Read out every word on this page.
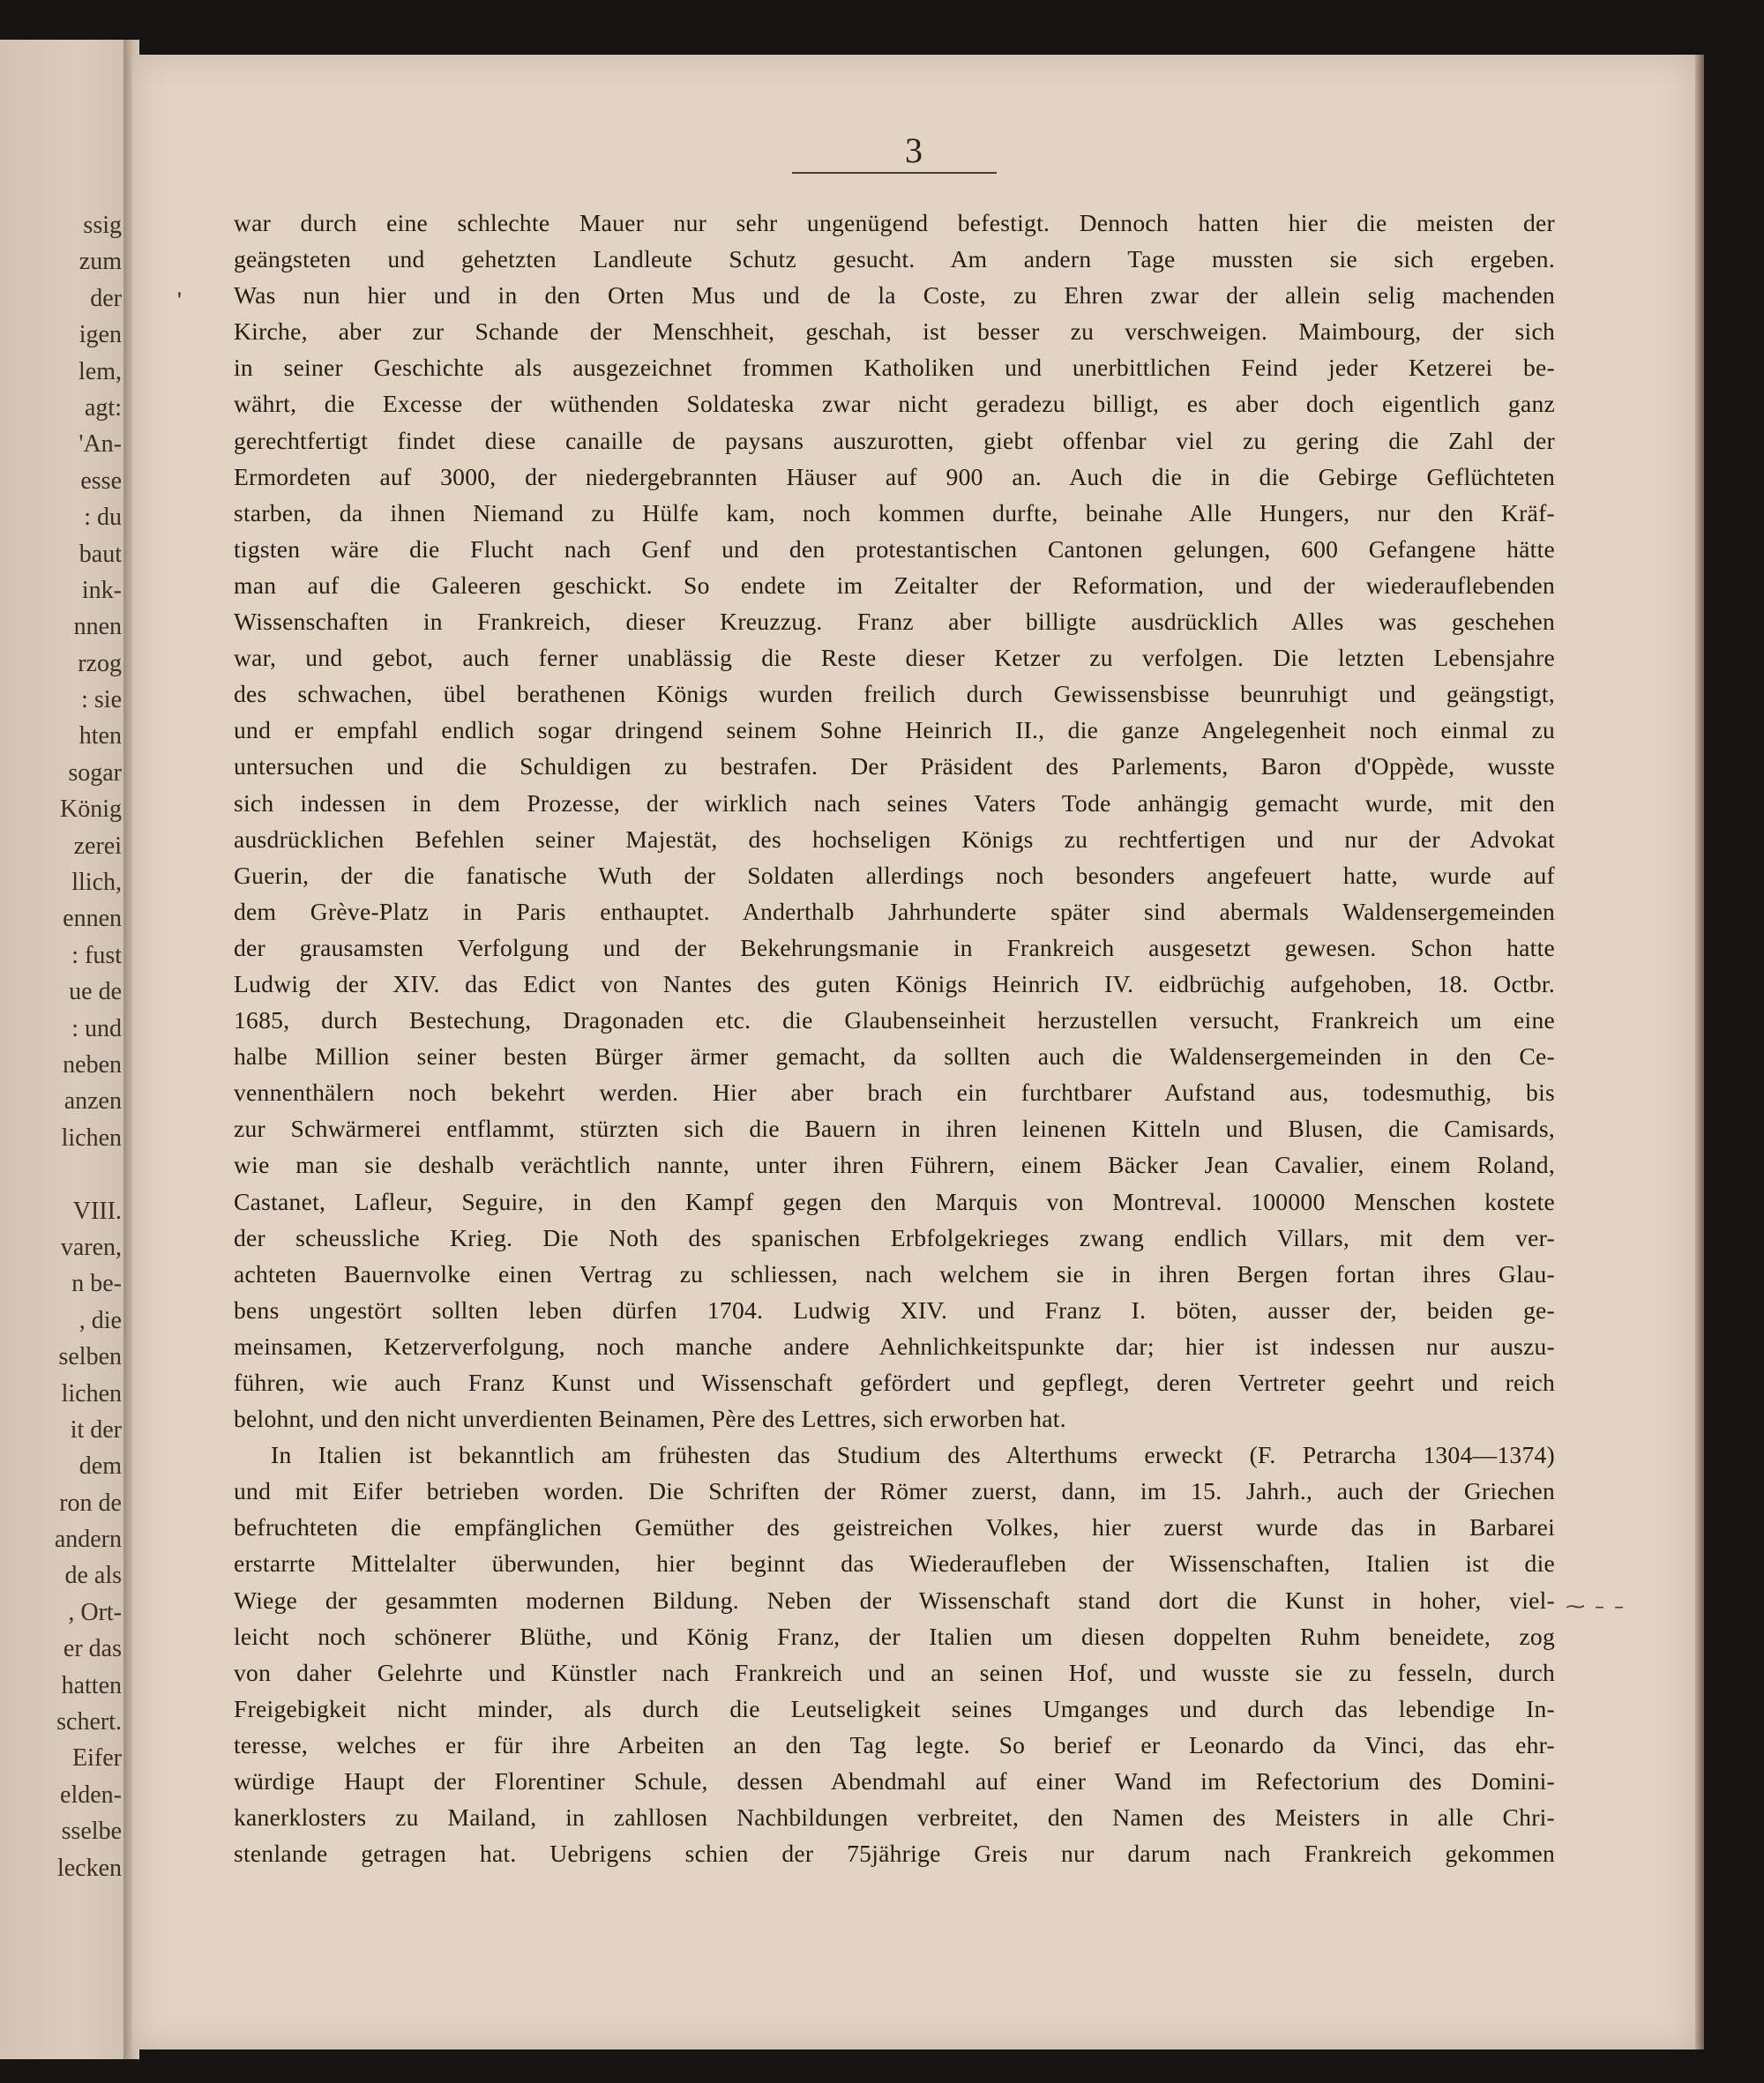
ssig
zum
der
igen
lem,
agt:
'An-
esse
: du
baut
ink-
nnen
rzog
: sie
hten
sogar
König
zerei
llich,
ennen
: fust
ue de
: und
neben
anzen
lichen
VIII.
varen,
n be-
, die
selben
lichen
it der
dem
ron de
andern
de als
, Ort-
er das
hatten
schert.
Eifer
elden-
sselbe
lecken
3
war durch eine schlechte Mauer nur sehr ungenügend befestigt. Dennoch hatten hier die meisten der
geängsteten und gehetzten Landleute Schutz gesucht. Am andern Tage mussten sie sich ergeben.
Was nun hier und in den Orten Mus und de la Coste, zu Ehren zwar der allein selig machenden
Kirche, aber zur Schande der Menschheit, geschah, ist besser zu verschweigen. Maimbourg, der sich
in seiner Geschichte als ausgezeichnet frommen Katholiken und unerbittlichen Feind jeder Ketzerei be-
währt, die Excesse der wüthenden Soldateska zwar nicht geradezu billigt, es aber doch eigentlich ganz
gerechtfertigt findet diese canaille de paysans auszurotten, giebt offenbar viel zu gering die Zahl der
Ermordeten auf 3000, der niedergebrannten Häuser auf 900 an. Auch die in die Gebirge Geflüchteten
starben, da ihnen Niemand zu Hülfe kam, noch kommen durfte, beinahe Alle Hungers, nur den Kräf-
tigsten wäre die Flucht nach Genf und den protestantischen Cantonen gelungen, 600 Gefangene hätte
man auf die Galeeren geschickt. So endete im Zeitalter der Reformation, und der wiederauflebenden
Wissenschaften in Frankreich, dieser Kreuzzug. Franz aber billigte ausdrücklich Alles was geschehen
war, und gebot, auch ferner unablässig die Reste dieser Ketzer zu verfolgen. Die letzten Lebensjahre
des schwachen, übel berathenen Königs wurden freilich durch Gewissensbisse beunruhigt und geängstigt,
und er empfahl endlich sogar dringend seinem Sohne Heinrich II., die ganze Angelegenheit noch einmal zu
untersuchen und die Schuldigen zu bestrafen. Der Präsident des Parlements, Baron d'Oppède, wusste
sich indessen in dem Prozesse, der wirklich nach seines Vaters Tode anhängig gemacht wurde, mit den
ausdrücklichen Befehlen seiner Majestät, des hochseligen Königs zu rechtfertigen und nur der Advokat
Guerin, der die fanatische Wuth der Soldaten allerdings noch besonders angefeuert hatte, wurde auf
dem Grève-Platz in Paris enthauptet. Anderthalb Jahrhunderte später sind abermals Waldensergemeinden
der grausamsten Verfolgung und der Bekehrungsmanie in Frankreich ausgesetzt gewesen. Schon hatte
Ludwig der XIV. das Edict von Nantes des guten Königs Heinrich IV. eidbrüchig aufgehoben, 18. Octbr.
1685, durch Bestechung, Dragonaden etc. die Glaubenseinheit herzustellen versucht, Frankreich um eine
halbe Million seiner besten Bürger ärmer gemacht, da sollten auch die Waldensergemeinden in den Ce-
vennenthälern noch bekehrt werden. Hier aber brach ein furchtbarer Aufstand aus, todesmuthig, bis
zur Schwärmerei entflammt, stürzten sich die Bauern in ihren leinenen Kitteln und Blusen, die Camisards,
wie man sie deshalb verächtlich nannte, unter ihren Führern, einem Bäcker Jean Cavalier, einem Roland,
Castanet, Lafleur, Seguire, in den Kampf gegen den Marquis von Montreval. 100000 Menschen kostete
der scheussliche Krieg. Die Noth des spanischen Erbfolgekrieges zwang endlich Villars, mit dem ver-
achteten Bauernvolke einen Vertrag zu schliessen, nach welchem sie in ihren Bergen fortan ihres Glau-
bens ungestört sollten leben dürfen 1704. Ludwig XIV. und Franz I. böten, ausser der, beiden ge-
meinsamen, Ketzerverfolgung, noch manche andere Aehnlichkeitspunkte dar; hier ist indessen nur auszu-
führen, wie auch Franz Kunst und Wissenschaft gefördert und gepflegt, deren Vertreter geehrt und reich
belohnt, und den nicht unverdienten Beinamen, Père des Lettres, sich erworben hat.
In Italien ist bekanntlich am frühesten das Studium des Alterthums erweckt (F. Petrarcha 1304—1374)
und mit Eifer betrieben worden. Die Schriften der Römer zuerst, dann, im 15. Jahrh., auch der Griechen
befruchteten die empfänglichen Gemüther des geistreichen Volkes, hier zuerst wurde das in Barbarei
erstarrte Mittelalter überwunden, hier beginnt das Wiederaufleben der Wissenschaften, Italien ist die
Wiege der gesammten modernen Bildung. Neben der Wissenschaft stand dort die Kunst in hoher, viel-
leicht noch schönerer Blüthe, und König Franz, der Italien um diesen doppelten Ruhm beneidete, zog
von daher Gelehrte und Künstler nach Frankreich und an seinen Hof, und wusste sie zu fesseln, durch
Freigebigkeit nicht minder, als durch die Leutseligkeit seines Umganges und durch das lebendige In-
teresse, welches er für ihre Arbeiten an den Tag legte. So berief er Leonardo da Vinci, das ehr-
würdige Haupt der Florentiner Schule, dessen Abendmahl auf einer Wand im Refectorium des Domini-
kanerklosters zu Mailand, in zahllosen Nachbildungen verbreitet, den Namen des Meisters in alle Chri-
stenlande getragen hat. Uebrigens schien der 75jährige Greis nur darum nach Frankreich gekommen
ʼ
⁓ – –
